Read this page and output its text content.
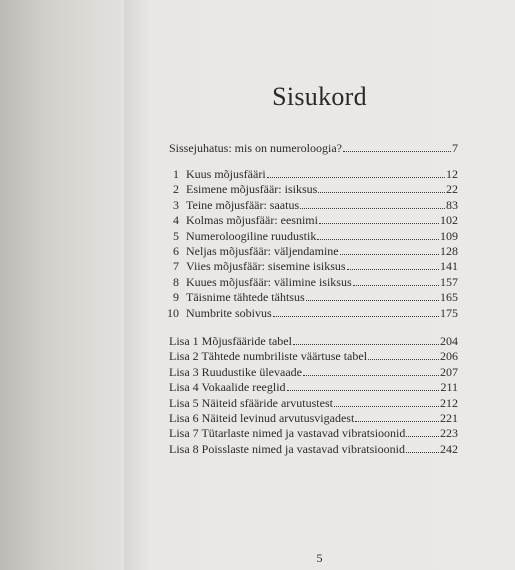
Sisukord
Sissejuhatus: mis on numeroloogia?	7
1 Kuus mõjusfääri	12
2 Esimene mõjusfäär: isiksus	22
3 Teine mõjusfäär: saatus	83
4 Kolmas mõjusfäär: eesnimi	102
5 Numeroloogiline ruudustik	109
6 Neljas mõjusfäär: väljendamine	128
7 Viies mõjusfäär: sisemine isiksus	141
8 Kuues mõjusfäär: välimine isiksus	157
9 Täisnime tähtede tähtsus	165
10 Numbrite sobivus	175
Lisa 1 Mõjusfääride tabel	204
Lisa 2 Tähtede numbriliste väärtuse tabel	206
Lisa 3 Ruudustike ülevaade	207
Lisa 4 Vokaalide reeglid	211
Lisa 5 Näiteid sfääride arvutustest	212
Lisa 6 Näiteid levinud arvutusvigadest	221
Lisa 7 Tütarlaste nimed ja vastavad vibratsioonid	223
Lisa 8 Poisslaste nimed ja vastavad vibratsioonid	242
5
